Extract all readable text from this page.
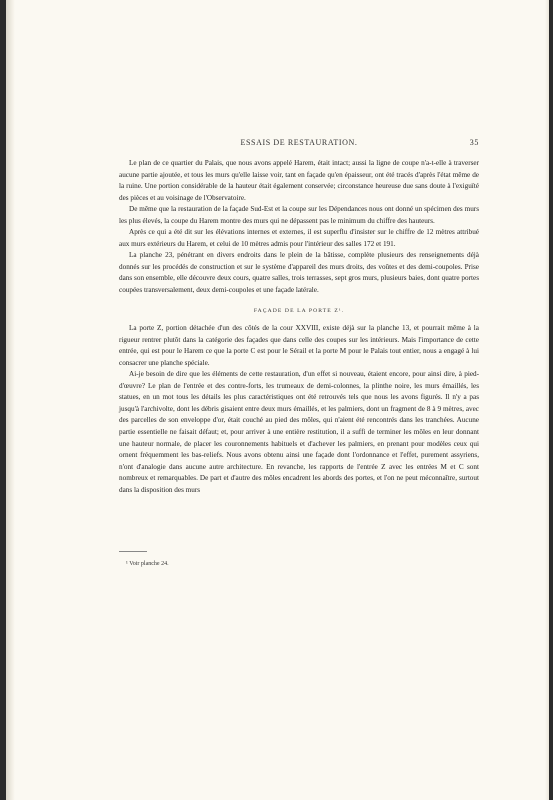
ESSAIS DE RESTAURATION.	35

Le plan de ce quartier du Palais, que nous avons appelé Harem, était intact; aussi la ligne de coupe n'a-t-elle à traverser aucune partie ajoutée, et tous les murs qu'elle laisse voir, tant en façade qu'en épaisseur, ont été tracés d'après l'état même de la ruine. Une portion considérable de la hauteur était également conservée; circonstance heureuse due sans doute à l'exiguïté des pièces et au voisinage de l'Observatoire.

De même que la restauration de la façade Sud-Est et la coupe sur les Dépendances nous ont donné un spécimen des murs les plus élevés, la coupe du Harem montre des murs qui ne dépassent pas le minimum du chiffre des hauteurs.

Après ce qui a été dit sur les élévations internes et externes, il est superflu d'insister sur le chiffre de 12 mètres attribué aux murs extérieurs du Harem, et celui de 10 mètres admis pour l'intérieur des salles 172 et 191.

La planche 23, pénétrant en divers endroits dans le plein de la bâtisse, complète plusieurs des renseignements déjà donnés sur les procédés de construction et sur le système d'appareil des murs droits, des voûtes et des demi-coupoles. Prise dans son ensemble, elle découvre deux cours, quatre salles, trois terrasses, sept gros murs, plusieurs baies, dont quatre portes coupées transversalement, deux demi-coupoles et une façade latérale.

FAÇADE DE LA PORTE Z¹.

La porte Z, portion détachée d'un des côtés de la cour XXVIII, existe déjà sur la planche 13, et pourrait même à la rigueur rentrer plutôt dans la catégorie des façades que dans celle des coupes sur les intérieurs. Mais l'importance de cette entrée, qui est pour le Harem ce que la porte C est pour le Sérail et la porte M pour le Palais tout entier, nous a engagé à lui consacrer une planche spéciale.

Ai-je besoin de dire que les éléments de cette restauration, d'un effet si nouveau, étaient encore, pour ainsi dire, à pied-d'œuvre? Le plan de l'entrée et des contre-forts, les trumeaux de demi-colonnes, la plinthe noire, les murs émaillés, les statues, en un mot tous les détails les plus caractéristiques ont été retrouvés tels que nous les avons figurés. Il n'y a pas jusqu'à l'archivolte, dont les débris gisaient entre deux murs émaillés, et les palmiers, dont un fragment de 8 à 9 mètres, avec des parcelles de son enveloppe d'or, était couché au pied des môles, qui n'aient été rencontrés dans les tranchées. Aucune partie essentielle ne faisait défaut; et, pour arriver à une entière restitution, il a suffi de terminer les môles en leur donnant une hauteur normale, de placer les couronnements habituels et d'achever les palmiers, en prenant pour modèles ceux qui ornent fréquemment les bas-reliefs. Nous avons obtenu ainsi une façade dont l'ordonnance et l'effet, purement assyriens, n'ont d'analogie dans aucune autre architecture. En revanche, les rapports de l'entrée Z avec les entrées M et C sont nombreux et remarquables. De part et d'autre des môles encadrent les abords des portes, et l'on ne peut méconnaître, surtout dans la disposition des murs

¹ Voir planche 24.
